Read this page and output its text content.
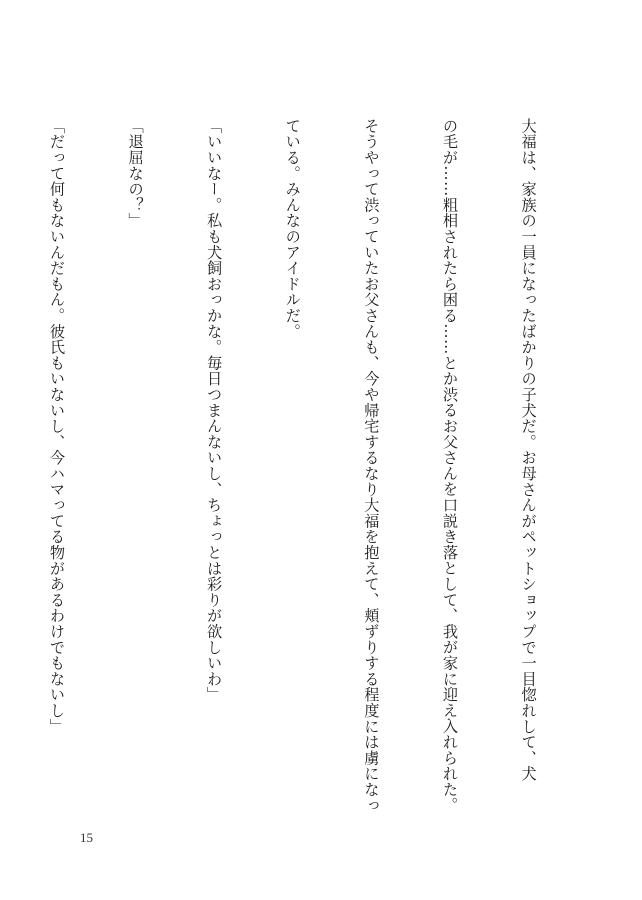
大福は、家族の一員になったばかりの子犬だ。お母さんがペットショップで一目惚れして、犬

の毛が……粗相されたら困る……とか渋るお父さんを口説き落として、我が家に迎え入れられた。

そうやって渋っていたお父さんも、今や帰宅するなり大福を抱えて、頬ずりする程度には虜になっ

ている。みんなのアイドルだ。

「いいなー。私も犬飼おっかな。毎日つまんないし、ちょっとは彩りが欲しいわ」

「退屈なの？」

「だって何もないんだもん。彼氏もいないし、今ハマってる物があるわけでもないし」

15
